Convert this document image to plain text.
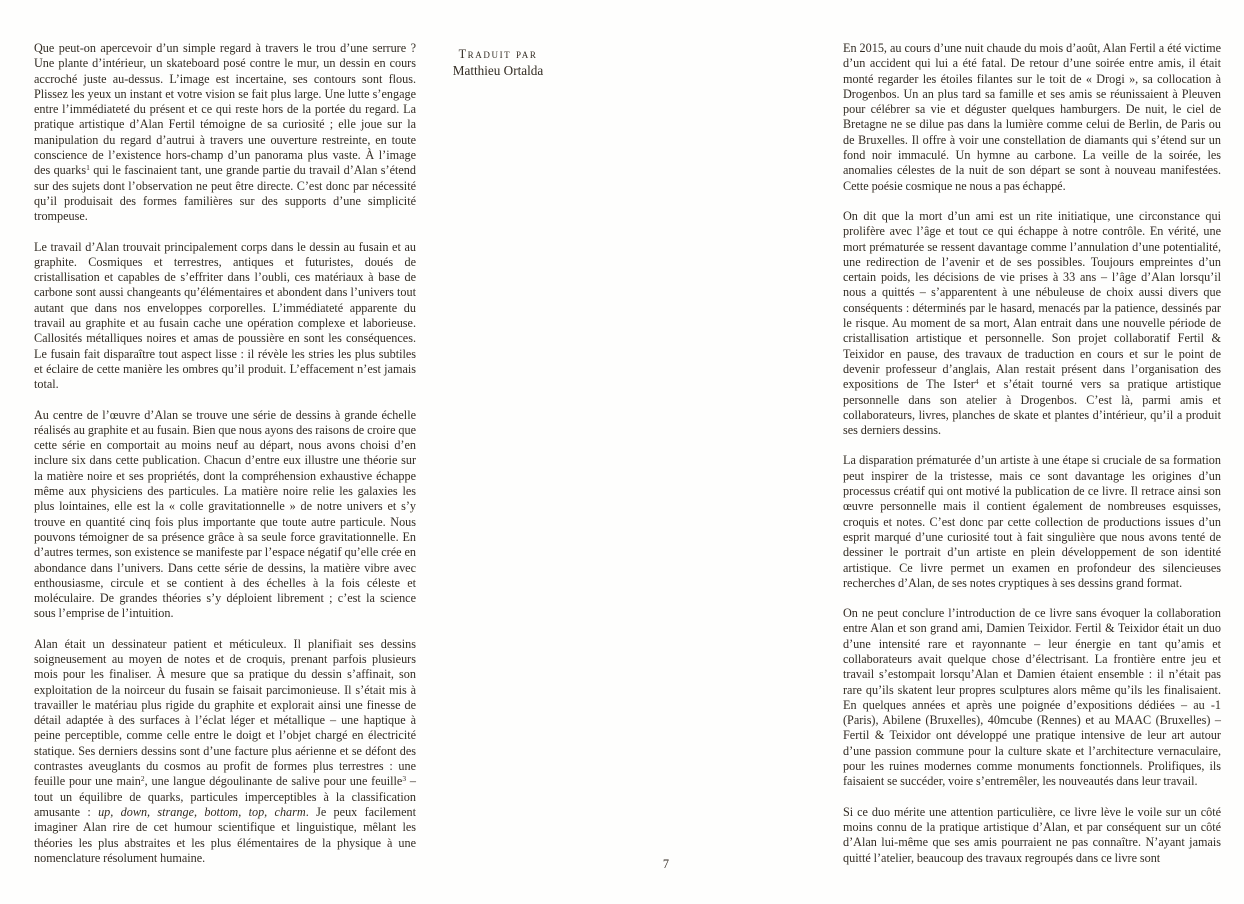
Que peut-on apercevoir d’un simple regard à travers le trou d’une serrure ? Une plante d’intérieur, un skateboard posé contre le mur, un dessin en cours accroché juste au-dessus. L’image est incertaine, ses contours sont flous. Plissez les yeux un instant et votre vision se fait plus large. Une lutte s’engage entre l’immédiateté du présent et ce qui reste hors de la portée du regard. La pratique artistique d’Alan Fertil témoigne de sa curiosité ; elle joue sur la manipulation du regard d’autrui à travers une ouverture restreinte, en toute conscience de l’existence hors-champ d’un panorama plus vaste. À l’image des quarks$^1$ qui le fascinaient tant, une grande partie du travail d’Alan s’étend sur des sujets dont l’observation ne peut être directe. C’est donc par nécessité qu’il produisait des formes familières sur des supports d’une simplicité trompeuse.

Le travail d’Alan trouvait principalement corps dans le dessin au fusain et au graphite. Cosmiques et terrestres, antiques et futuristes, doués de cristallisation et capables de s’effriter dans l’oubli, ces matériaux à base de carbone sont aussi changeants qu’élémentaires et abondent dans l’univers tout autant que dans nos enveloppes corporelles. L’immédiateté apparente du travail au graphite et au fusain cache une opération complexe et laborieuse. Callosités métalliques noires et amas de poussière en sont les conséquences. Le fusain fait disparaître tout aspect lisse : il révèle les stries les plus subtiles et éclaire de cette manière les ombres qu’il produit. L’effacement n’est jamais total.

Au centre de l’œuvre d’Alan se trouve une série de dessins à grande échelle réalisés au graphite et au fusain. Bien que nous ayons des raisons de croire que cette série en comportait au moins neuf au départ, nous avons choisi d’en inclure six dans cette publication. Chacun d’entre eux illustre une théorie sur la matière noire et ses propriétés, dont la compréhension exhaustive échappe même aux physiciens des particules. La matière noire relie les galaxies les plus lointaines, elle est la « colle gravitationnelle » de notre univers et s’y trouve en quantité cinq fois plus importante que toute autre particule. Nous pouvons témoigner de sa présence grâce à sa seule force gravitationnelle. En d’autres termes, son existence se manifeste par l’espace négatif qu’elle crée en abondance dans l’univers. Dans cette série de dessins, la matière vibre avec enthousiasme, circule et se contient à des échelles à la fois céleste et moléculaire. De grandes théories s’y déploient librement ; c’est la science sous l’emprise de l’intuition.

Alan était un dessinateur patient et méticuleux. Il planifiait ses dessins soigneusement au moyen de notes et de croquis, prenant parfois plusieurs mois pour les finaliser. À mesure que sa pratique du dessin s’affinait, son exploitation de la noirceur du fusain se faisait parcimonieuse. Il s’était mis à travailler le matériau plus rigide du graphite et explorait ainsi une finesse de détail adaptée à des surfaces à l’éclat léger et métallique – une haptique à peine perceptible, comme celle entre le doigt et l’objet chargé en électricité statique. Ses derniers dessins sont d’une facture plus aérienne et se défont des contrastes aveuglants du cosmos au profit de formes plus terrestres : une feuille pour une main$^2$, une langue dégoulinante de salive pour une feuille$^3$ – tout un équilibre de quarks, particules imperceptibles à la classification amusante : up, down, strange, bottom, top, charm. Je peux facilement imaginer Alan rire de cet humour scientifique et linguistique, mêlant les théories les plus abstraites et les plus élémentaires de la physique à une nomenclature résolument humaine.

Traduit par
Matthieu Ortalda

En 2015, au cours d’une nuit chaude du mois d’août, Alan Fertil a été victime d’un accident qui lui a été fatal. De retour d’une soirée entre amis, il était monté regarder les étoiles filantes sur le toit de « Drogi », sa collocation à Drogenbos. Un an plus tard sa famille et ses amis se réunissaient à Pleuven pour célébrer sa vie et déguster quelques hamburgers. De nuit, le ciel de Bretagne ne se dilue pas dans la lumière comme celui de Berlin, de Paris ou de Bruxelles. Il offre à voir une constellation de diamants qui s’étend sur un fond noir immaculé. Un hymne au carbone. La veille de la soirée, les anomalies célestes de la nuit de son départ se sont à nouveau manifestées. Cette poésie cosmique ne nous a pas échappé.

On dit que la mort d’un ami est un rite initiatique, une circonstance qui prolifère avec l’âge et tout ce qui échappe à notre contrôle. En vérité, une mort prématurée se ressent davantage comme l’annulation d’une potentialité, une redirection de l’avenir et de ses possibles. Toujours empreintes d’un certain poids, les décisions de vie prises à 33 ans – l’âge d’Alan lorsqu’il nous a quittés – s’apparentent à une nébuleuse de choix aussi divers que conséquents : déterminés par le hasard, menacés par la patience, dessinés par le risque. Au moment de sa mort, Alan entrait dans une nouvelle période de cristallisation artistique et personnelle. Son projet collaboratif Fertil & Teixidor en pause, des travaux de traduction en cours et sur le point de devenir professeur d’anglais, Alan restait présent dans l’organisation des expositions de The Ister$^4$ et s’était tourné vers sa pratique artistique personnelle dans son atelier à Drogenbos. C’est là, parmi amis et collaborateurs, livres, planches de skate et plantes d’intérieur, qu’il a produit ses derniers dessins.

La disparation prématurée d’un artiste à une étape si cruciale de sa formation peut inspirer de la tristesse, mais ce sont davantage les origines d’un processus créatif qui ont motivé la publication de ce livre. Il retrace ainsi son œuvre personnelle mais il contient également de nombreuses esquisses, croquis et notes. C’est donc par cette collection de productions issues d’un esprit marqué d’une curiosité tout à fait singulière que nous avons tenté de dessiner le portrait d’un artiste en plein développement de son identité artistique. Ce livre permet un examen en profondeur des silencieuses recherches d’Alan, de ses notes cryptiques à ses dessins grand format.

On ne peut conclure l’introduction de ce livre sans évoquer la collaboration entre Alan et son grand ami, Damien Teixidor. Fertil & Teixidor était un duo d’une intensité rare et rayonnante – leur énergie en tant qu’amis et collaborateurs avait quelque chose d’électrisant. La frontière entre jeu et travail s’estompait lorsqu’Alan et Damien étaient ensemble : il n’était pas rare qu’ils skatent leur propres sculptures alors même qu’ils les finalisaient. En quelques années et après une poignée d’expositions dédiées – au -1 (Paris), Abilene (Bruxelles), 40mcube (Rennes) et au MAAC (Bruxelles) – Fertil & Teixidor ont développé une pratique intensive de leur art autour d’une passion commune pour la culture skate et l’architecture vernaculaire, pour les ruines modernes comme monuments fonctionnels. Prolifiques, ils faisaient se succéder, voire s’entremêler, les nouveautés dans leur travail.

Si ce duo mérite une attention particulière, ce livre lève le voile sur un côté moins connu de la pratique artistique d’Alan, et par conséquent sur un côté d’Alan lui-même que ses amis pourraient ne pas connaître. N’ayant jamais quitté l’atelier, beaucoup des travaux regroupés dans ce livre sont

7
